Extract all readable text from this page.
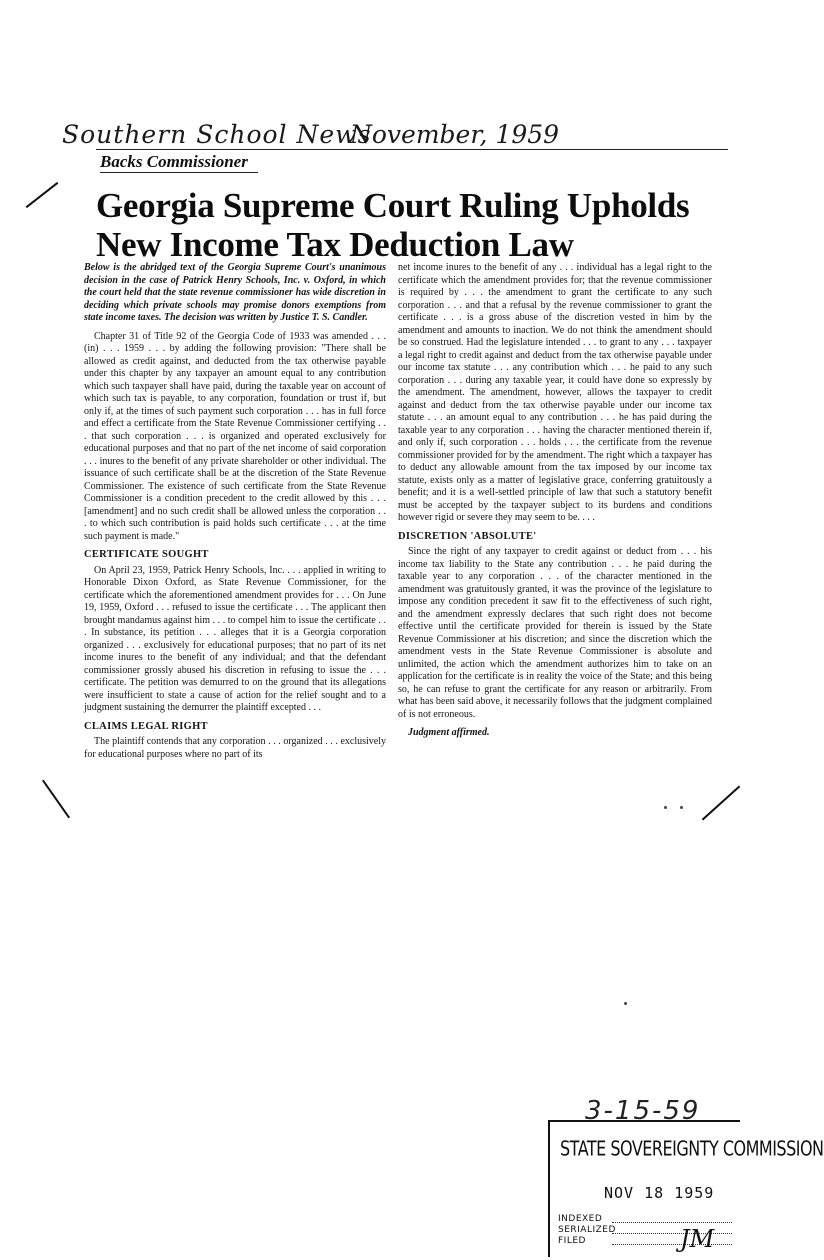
Southern School News
November, 1959
Backs Commissioner
Georgia Supreme Court Ruling Upholds
New Income Tax Deduction Law

Below is the abridged text of the Georgia Supreme Court's unanimous decision in the case of Patrick Henry Schools, Inc. v. Oxford, in which the court held that the state revenue commissioner has wide discretion in deciding which private schools may promise donors exemptions from state income taxes. The decision was written by Justice T. S. Candler.

Chapter 31 of Title 92 of the Georgia Code of 1933 was amended . . . (in) . . . 1959 . . . by adding the following provision: "There shall be allowed as credit against, and deducted from the tax otherwise payable under this chapter by any taxpayer an amount equal to any contribution which such taxpayer shall have paid, during the taxable year on account of which such tax is payable, to any corporation, foundation or trust if, but only if, at the times of such payment such corporation . . . has in full force and effect a certificate from the State Revenue Commissioner certifying . . . that such corporation . . . is organized and operated exclusively for educational purposes and that no part of the net income of said corporation . . . inures to the benefit of any private shareholder or other individual. The issuance of such certificate shall be at the discretion of the State Revenue Commissioner. The existence of such certificate from the State Revenue Commissioner is a condition precedent to the credit allowed by this . . . [amendment] and no such credit shall be allowed unless the corporation . . . to which such contribution is paid holds such certificate . . . at the time such payment is made."

CERTIFICATE SOUGHT

On April 23, 1959, Patrick Henry Schools, Inc. . . . applied in writing to Honorable Dixon Oxford, as State Revenue Commissioner, for the certificate which the aforementioned amendment provides for . . . On June 19, 1959, Oxford . . . refused to issue the certificate . . . The applicant then brought mandamus against him . . . to compel him to issue the certificate . . . In substance, its petition . . . alleges that it is a Georgia corporation organized . . . exclusively for educational purposes; that no part of its net income inures to the benefit of any individual; and that the defendant commissioner grossly abused his discretion in refusing to issue the . . . certificate. The petition was demurred to on the ground that its allegations were insufficient to state a cause of action for the relief sought and to a judgment sustaining the demurrer the plaintiff excepted . . .

CLAIMS LEGAL RIGHT

The plaintiff contends that any corporation . . . organized . . . exclusively for educational purposes where no part of its

net income inures to the benefit of any . . . individual has a legal right to the certificate which the amendment provides for; that the revenue commissioner is required by . . . the amendment to grant the certificate to any such corporation . . . and that a refusal by the revenue commissioner to grant the certificate . . . is a gross abuse of the discretion vested in him by the amendment and amounts to inaction. We do not think the amendment should be so construed. Had the legislature intended . . . to grant to any . . . taxpayer a legal right to credit against and deduct from the tax otherwise payable under our income tax statute . . . any contribution which . . . he paid to any such corporation . . . during any taxable year, it could have done so expressly by the amendment. The amendment, however, allows the taxpayer to credit against and deduct from the tax otherwise payable under our income tax statute . . . an amount equal to any contribution . . . he has paid during the taxable year to any corporation . . . having the character mentioned therein if, and only if, such corporation . . . holds . . . the certificate from the revenue commissioner provided for by the amendment. The right which a taxpayer has to deduct any allowable amount from the tax imposed by our income tax statute, exists only as a matter of legislative grace, conferring gratuitously a benefit; and it is a well-settled principle of law that such a statutory benefit must be accepted by the taxpayer subject to its burdens and conditions however rigid or severe they may seem to be. . . .

DISCRETION 'ABSOLUTE'

Since the right of any taxpayer to credit against or deduct from . . . his income tax liability to the State any contribution . . . he paid during the taxable year to any corporation . . . of the character mentioned in the amendment was gratuitously granted, it was the province of the legislature to impose any condition precedent it saw fit to the effectiveness of such right, and the amendment expressly declares that such right does not become effective until the certificate provided for therein is issued by the State Revenue Commissioner at his discretion; and since the discretion which the amendment vests in the State Revenue Commissioner is absolute and unlimited, the action which the amendment authorizes him to take on an application for the certificate is in reality the voice of the State; and this being so, he can refuse to grant the certificate for any reason or arbitrarily. From what has been said above, it necessarily follows that the judgment complained of is not erroneous.

Judgment affirmed.

3-15-59
STATE SOVEREIGNTY COMMISSION
NOV 18 1959
INDEXED
SERIALIZED
FILED	JM
